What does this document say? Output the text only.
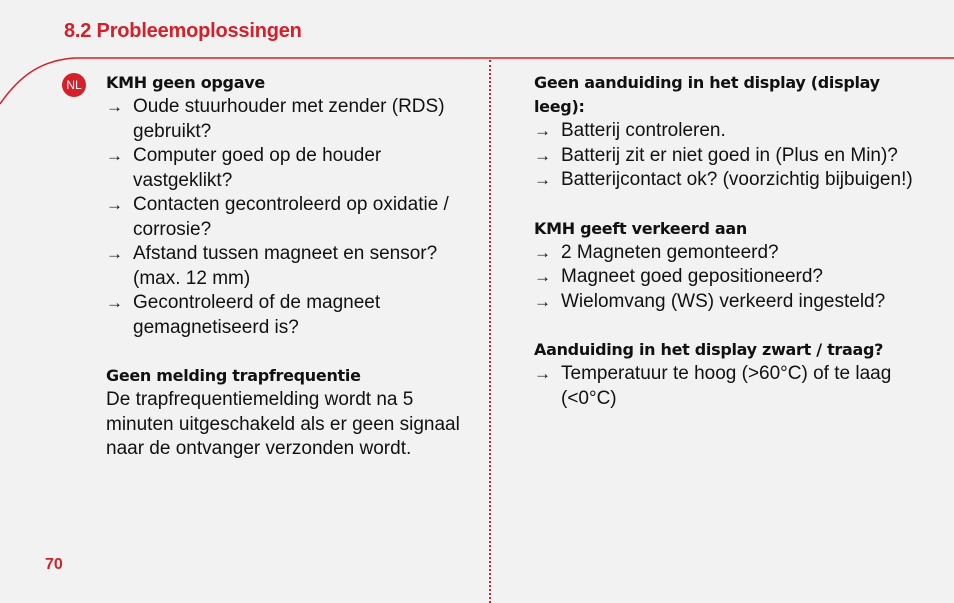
8.2 Probleemoplossingen
NL KMH geen opgave
→ Oude stuurhouder met zender (RDS) gebruikt?
→ Computer goed op de houder vastgeklikt?
→ Contacten gecontroleerd op oxidatie / corrosie?
→ Afstand tussen magneet en sensor? (max. 12 mm)
→ Gecontroleerd of de magneet gemagnetiseerd is?
Geen melding trapfrequentie
De trapfrequentiemelding wordt na 5 minuten uitgeschakeld als er geen signaal naar de ontvanger verzonden wordt.
Geen aanduiding in het display (display leeg):
→ Batterij controleren.
→ Batterij zit er niet goed in (Plus en Min)?
→ Batterijcontact ok? (voorzichtig bijbuigen!)
KMH geeft verkeerd aan
→ 2 Magneten gemonteerd?
→ Magneet goed gepositioneerd?
→ Wielomvang (WS) verkeerd ingesteld?
Aanduiding in het display zwart / traag?
→ Temperatuur te hoog (>60°C) of te laag (<0°C)
70
